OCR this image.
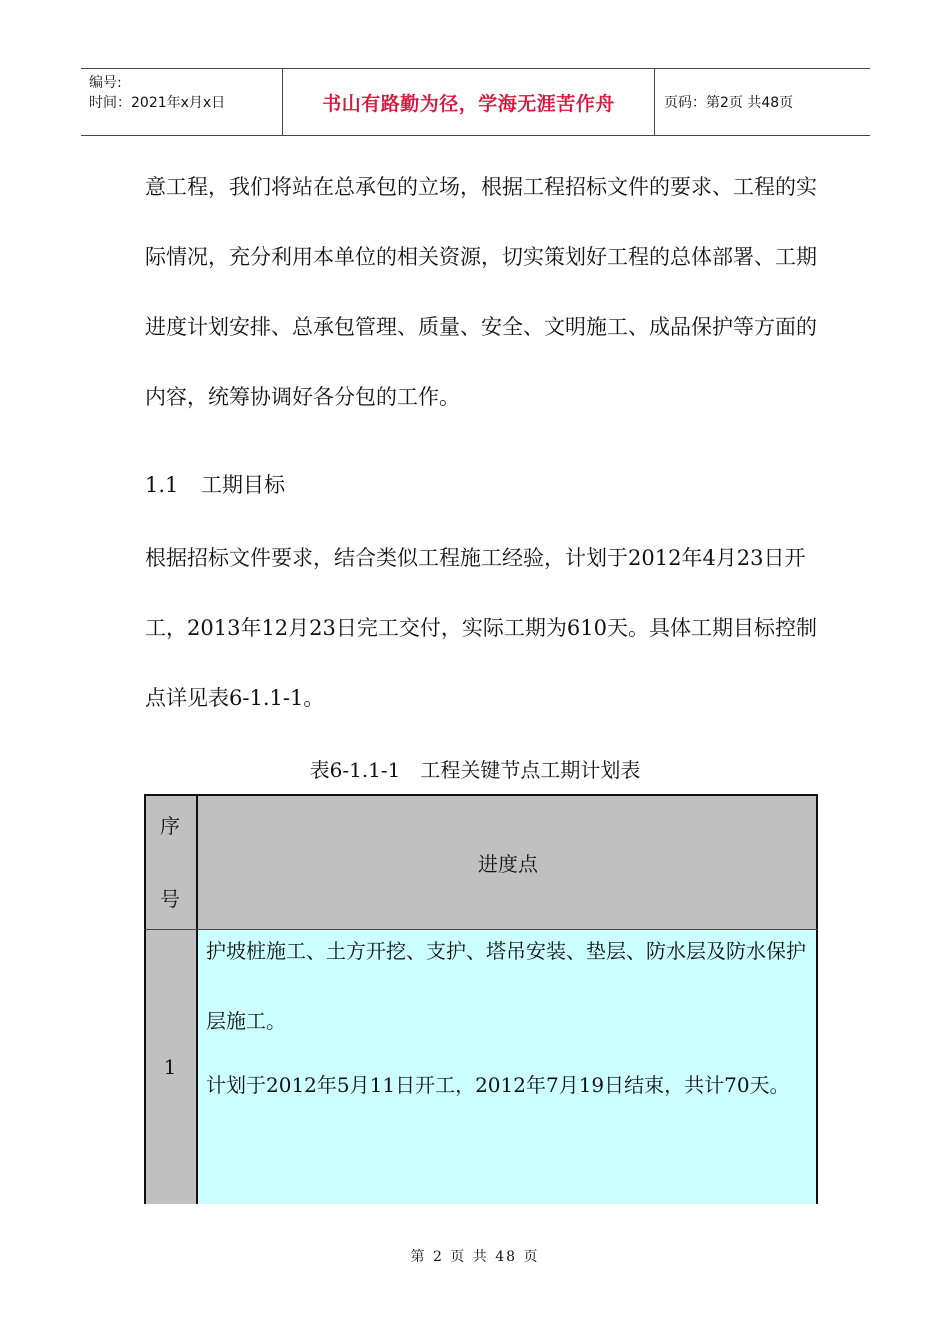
编号:
时间：2021年x月x日	书山有路勤为径，学海无涯苦作舟	页码：第2页 共48页

意工程，我们将站在总承包的立场，根据工程招标文件的要求、工程的实际情况，充分利用本单位的相关资源，切实策划好工程的总体部署、工期进度计划安排、总承包管理、质量、安全、文明施工、成品保护等方面的内容，统筹协调好各分包的工作。

1.1 工期目标

根据招标文件要求，结合类似工程施工经验，计划于2012年4月23日开工，2013年12月23日完工交付，实际工期为610天。具体工期目标控制点详见表6-1.1-1。

表6-1.1-1　工程关键节点工期计划表

序
号
进度点
1

护坡桩施工、土方开挖、支护、塔吊安装、垫层、防水层及防水保护层施工。

计划于2012年5月11日开工，2012年7月19日结束，共计70天。

第 2 页 共 48 页
